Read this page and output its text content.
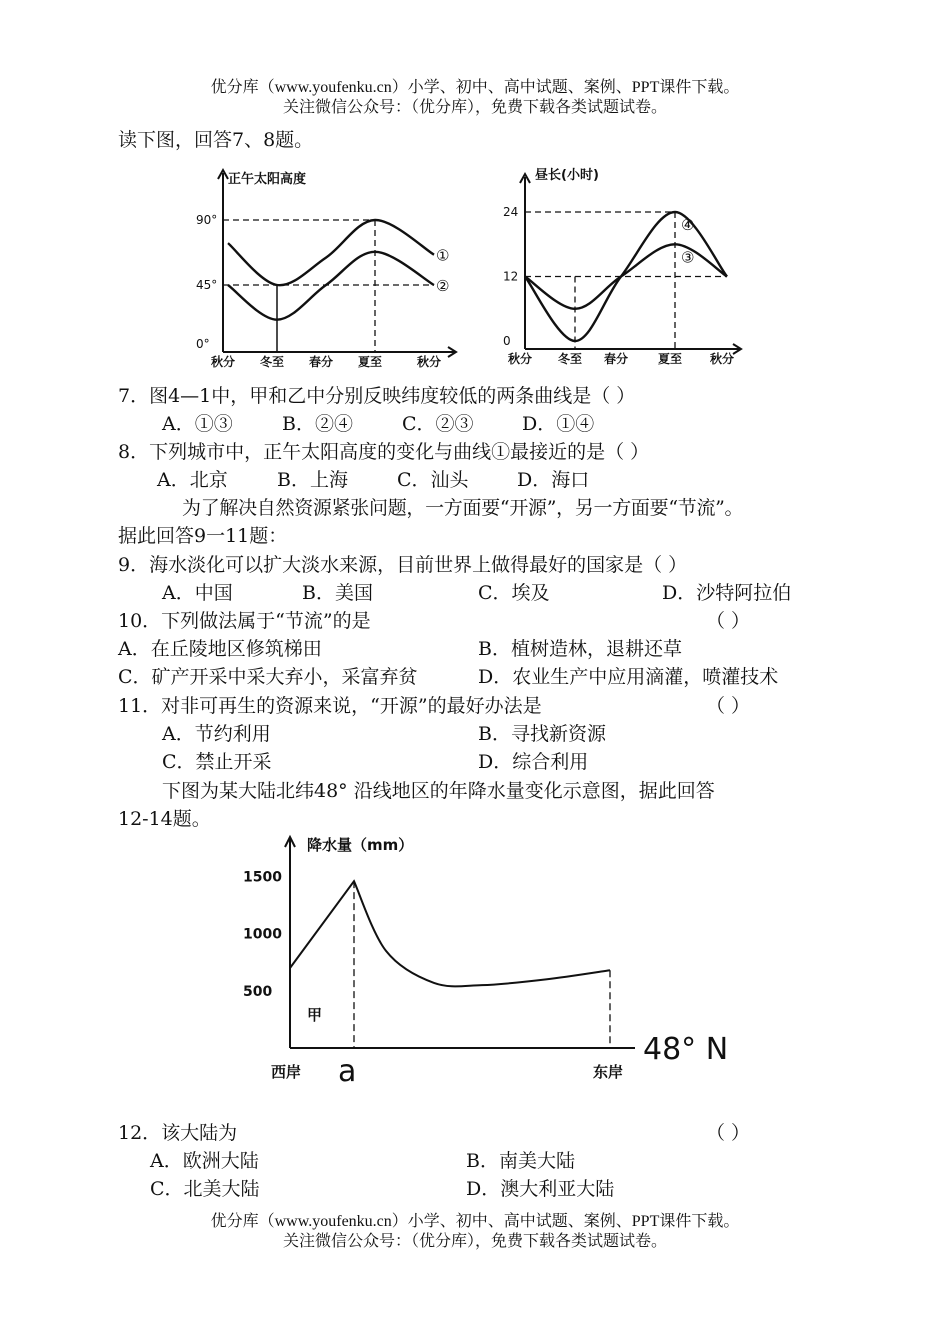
优分库（www.youfenku.cn）小学、初中、高中试题、案例、PPT课件下载。
关注微信公众号：（优分库），免费下载各类试题试卷。
读下图，回答7、8题。
正午太阳高度
90°
45°
0°
①
②
秋分 冬至 春分 夏至	秋分
昼长(小时)
24
12
0
③
④
秋分 冬至 春分 夏至 秋分
7．图4—1中，甲和乙中分别反映纬度较低的两条曲线是（ ）
A．①③	B．②④	C．②③	D．①④
8．下列城市中，正午太阳高度的变化与曲线①最接近的是（ ）
A．北京	B．上海	C．汕头	D．海口
为了解决自然资源紧张问题，一方面要“开源”，另一方面要“节流”。
据此回答9一11题：
9．海水淡化可以扩大淡水来源，目前世界上做得最好的国家是（ ）
A．中国	B．美国	C．埃及	D．沙特阿拉伯
10．下列做法属于“节流”的是	（ ）
A．在丘陵地区修筑梯田	B．植树造林，退耕还草
C．矿产开采中采大弃小，采富弃贫	D．农业生产中应用滴灌，喷灌技术
11．对非可再生的资源来说，“开源”的最好办法是	（ ）
A．节约利用	B．寻找新资源
C．禁止开采	D．综合利用
下图为某大陆北纬48° 沿线地区的年降水量变化示意图，据此回答
12-14题。
降水量（mm）
1500
1000
500
甲
西岸 a	东岸
48° N
12．该大陆为	（ ）
A．欧洲大陆	B．南美大陆
C．北美大陆	D．澳大利亚大陆
优分库（www.youfenku.cn）小学、初中、高中试题、案例、PPT课件下载。
关注微信公众号：（优分库），免费下载各类试题试卷。
